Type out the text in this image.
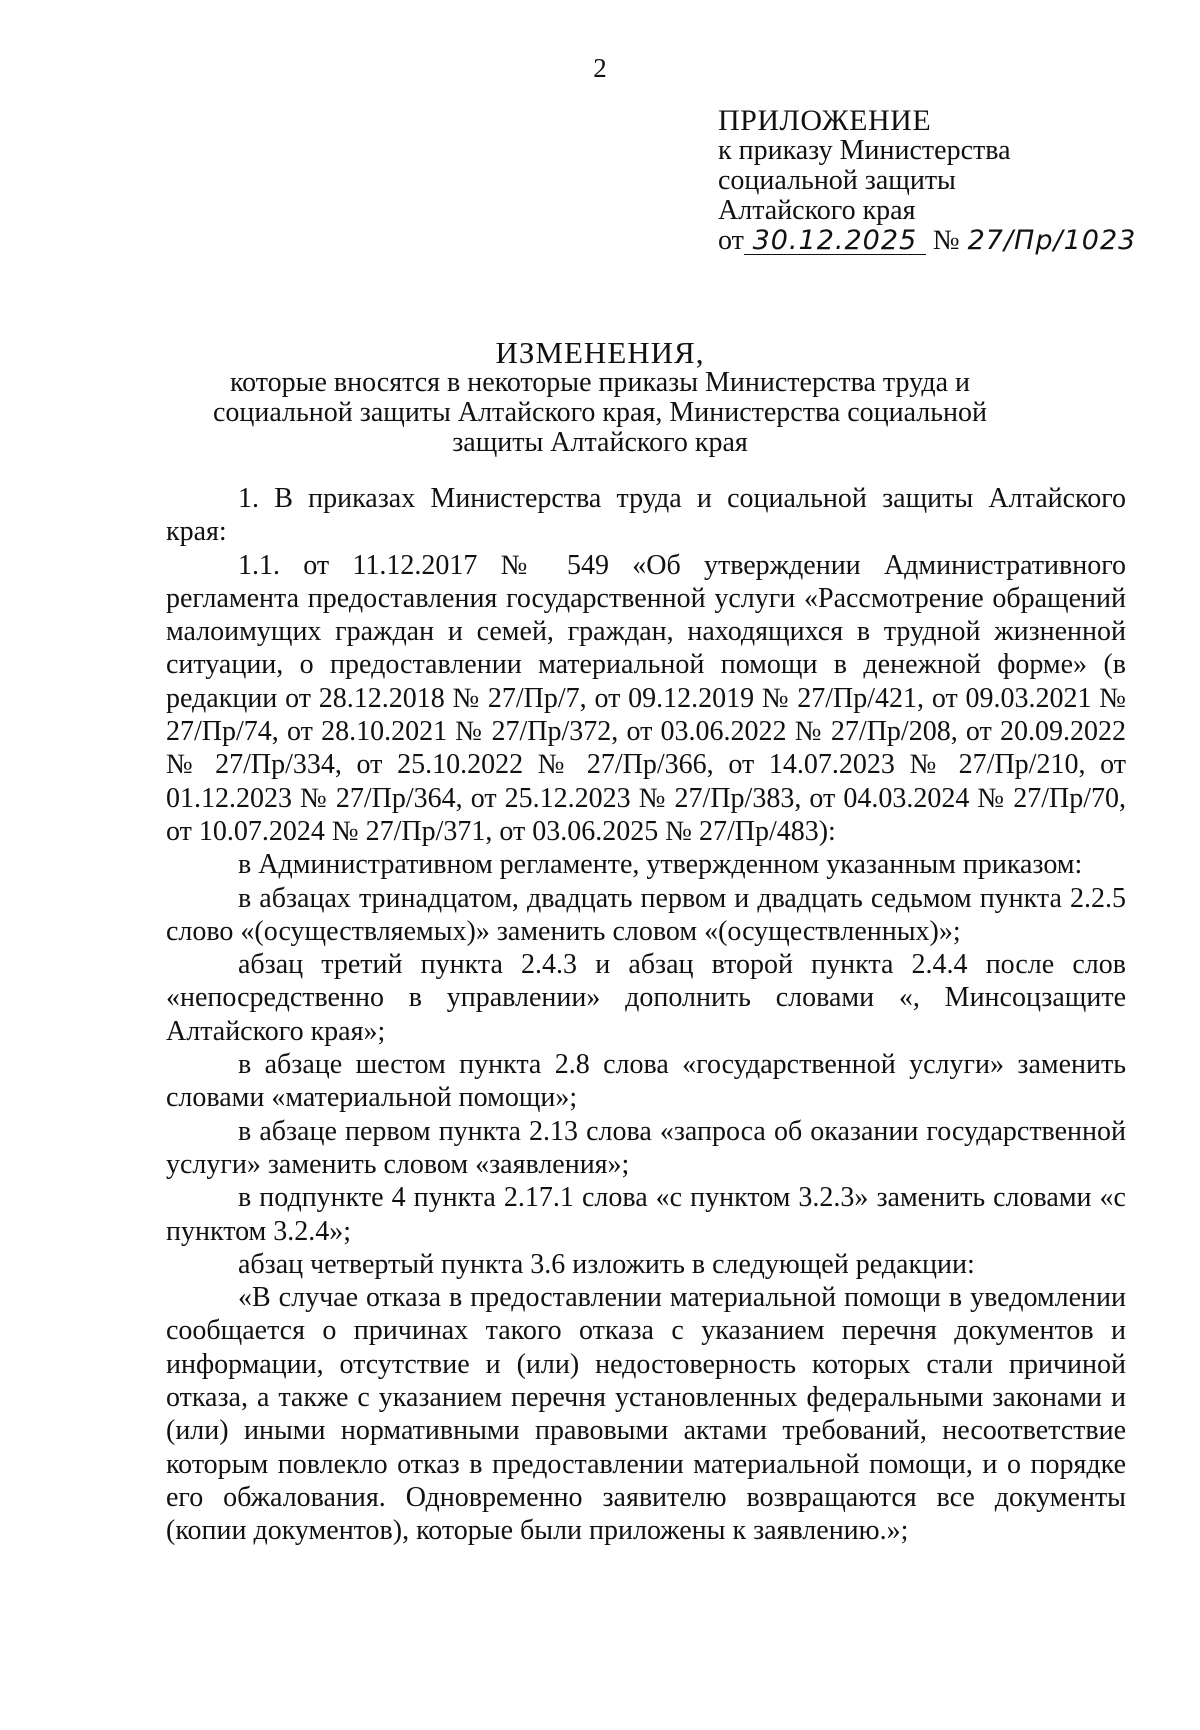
2
ПРИЛОЖЕНИЕ
к приказу Министерства
социальной защиты
Алтайского края
от 30.12.2025 № 27/Пр/1023
ИЗМЕНЕНИЯ,
которые вносятся в некоторые приказы Министерства труда и
социальной защиты Алтайского края, Министерства социальной
защиты Алтайского края

1. В приказах Министерства труда и социальной защиты Алтайского края:

1.1. от 11.12.2017 № 549 «Об утверждении Административного регламента предоставления государственной услуги «Рассмотрение обращений малоимущих граждан и семей, граждан, находящихся в трудной жизненной ситуации, о предоставлении материальной помощи в денежной форме» (в редакции от 28.12.2018 № 27/Пр/7, от 09.12.2019 № 27/Пр/421, от 09.03.2021 № 27/Пр/74, от 28.10.2021 № 27/Пр/372, от 03.06.2022 № 27/Пр/208, от 20.09.2022 № 27/Пр/334, от 25.10.2022 № 27/Пр/366, от 14.07.2023 № 27/Пр/210, от 01.12.2023 № 27/Пр/364, от 25.12.2023 № 27/Пр/383, от 04.03.2024 № 27/Пр/70, от 10.07.2024 № 27/Пр/371, от 03.06.2025 № 27/Пр/483):

в Административном регламенте, утвержденном указанным приказом:

в абзацах тринадцатом, двадцать первом и двадцать седьмом пункта 2.2.5 слово «(осуществляемых)» заменить словом «(осуществленных)»;

абзац третий пункта 2.4.3 и абзац второй пункта 2.4.4 после слов «непосредственно в управлении» дополнить словами «, Минсоцзащите Алтайского края»;

в абзаце шестом пункта 2.8 слова «государственной услуги» заменить словами «материальной помощи»;

в абзаце первом пункта 2.13 слова «запроса об оказании государственной услуги» заменить словом «заявления»;

в подпункте 4 пункта 2.17.1 слова «с пунктом 3.2.3» заменить словами «с пунктом 3.2.4»;

абзац четвертый пункта 3.6 изложить в следующей редакции:

«В случае отказа в предоставлении материальной помощи в уведомлении сообщается о причинах такого отказа с указанием перечня документов и информации, отсутствие и (или) недостоверность которых стали причиной отказа, а также с указанием перечня установленных федеральными законами и (или) иными нормативными правовыми актами требований, несоответствие которым повлекло отказ в предоставлении материальной помощи, и о порядке его обжалования. Одновременно заявителю возвращаются все документы (копии документов), которые были приложены к заявлению.»;
